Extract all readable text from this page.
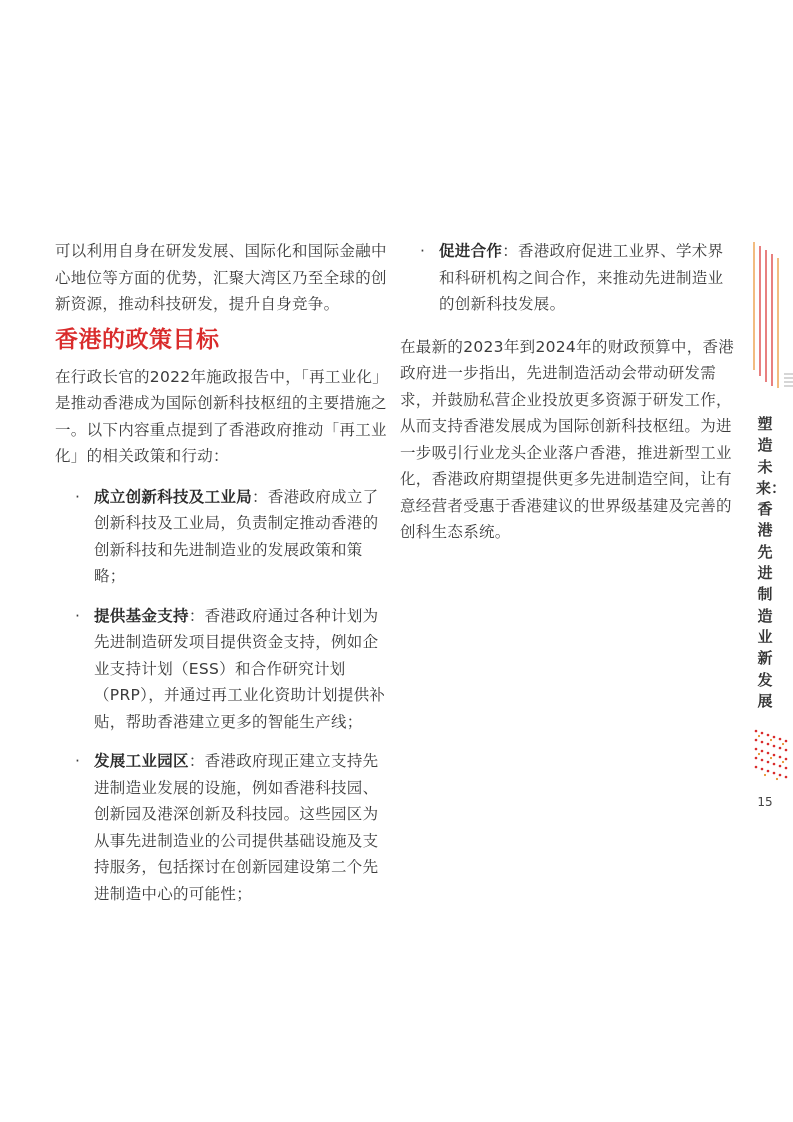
可以利用自身在研发发展、国际化和国际金融中心地位等方面的优势，汇聚大湾区乃至全球的创新资源，推动科技研发，提升自身竞争。

香港的政策目标

在行政长官的2022年施政报告中，「再工业化」是推动香港成为国际创新科技枢纽的主要措施之一。以下内容重点提到了香港政府推动「再工业化」的相关政策和行动：

· 成立创新科技及工业局：香港政府成立了创新科技及工业局，负责制定推动香港的创新科技和先进制造业的发展政策和策略；
· 提供基金支持：香港政府通过各种计划为先进制造研发项目提供资金支持，例如企业支持计划（ESS）和合作研究计划（PRP），并通过再工业化资助计划提供补贴，帮助香港建立更多的智能生产线；
· 发展工业园区：香港政府现正建立支持先进制造业发展的设施，例如香港科技园、创新园及港深创新及科技园。这些园区为从事先进制造业的公司提供基础设施及支持服务，包括探讨在创新园建设第二个先进制造中心的可能性；
· 促进合作：香港政府促进工业界、学术界和科研机构之间合作，来推动先进制造业的创新科技发展。

在最新的2023年到2024年的财政预算中，香港政府进一步指出，先进制造活动会带动研发需求，并鼓励私营企业投放更多资源于研发工作，从而支持香港发展成为国际创新科技枢纽。为进一步吸引行业龙头企业落户香港，推进新型工业化，香港政府期望提供更多先进制造空间，让有意经营者受惠于香港建议的世界级基建及完善的创科生态系统。

塑造未来：香港先进制造业新发展
15
